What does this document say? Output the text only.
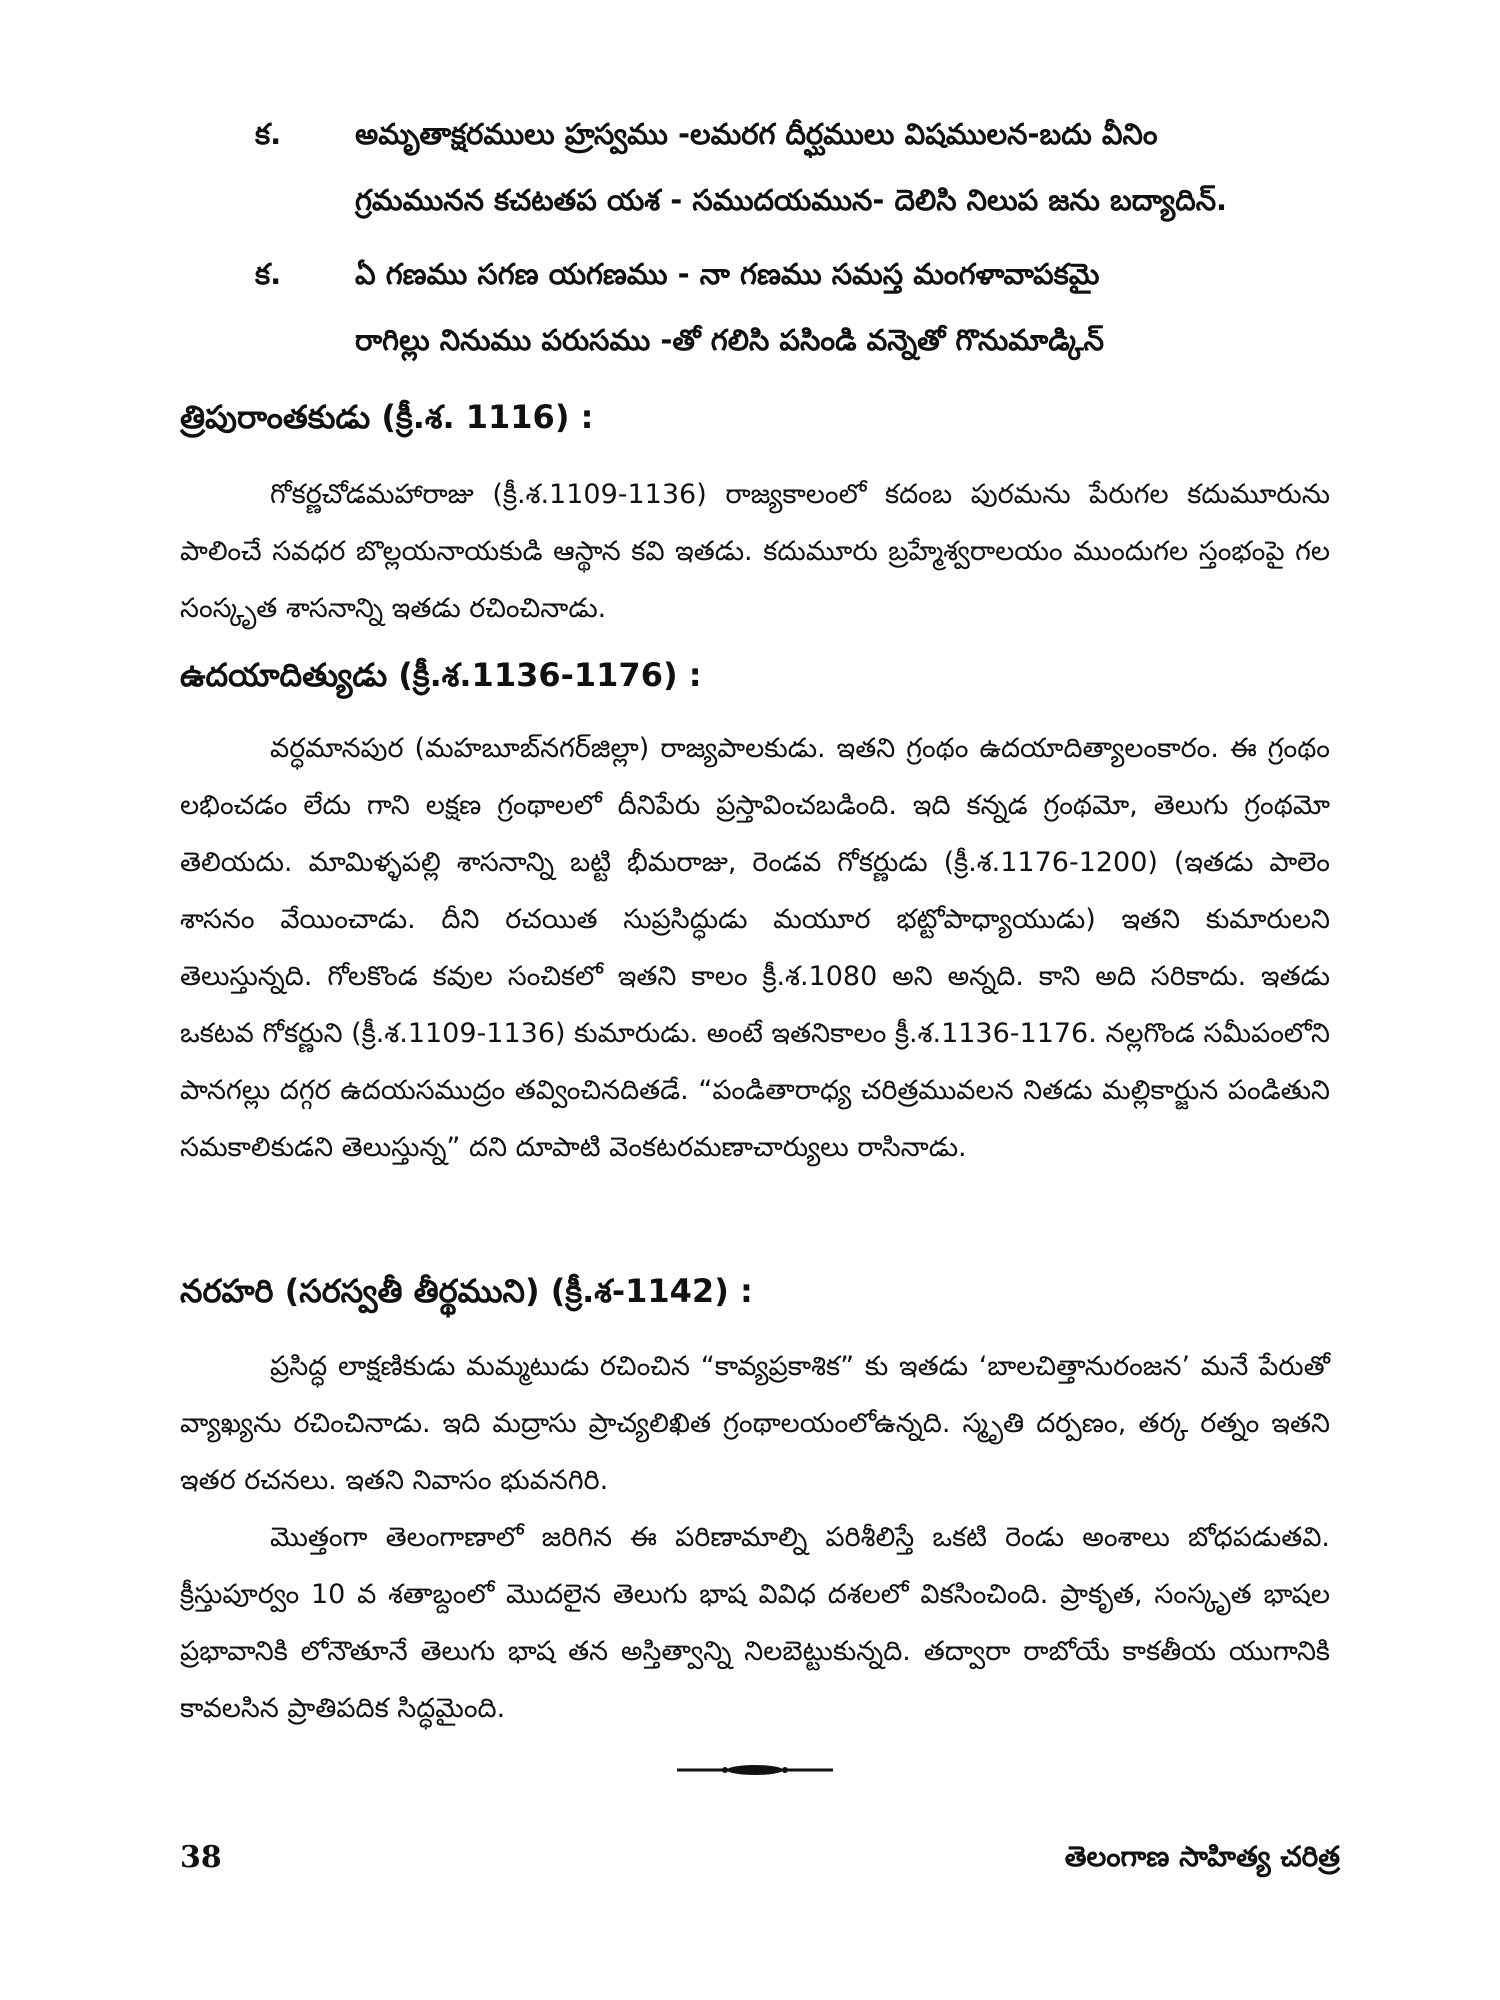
క.	అమృతాక్షరములు హ్రస్వము -లమరగ దీర్ఘములు విషములన-బదు వీనిం
గ్రమమునన కచటతప యశ - సముదయమున- దెలిసి నిలుప జను బద్యాదిన్.
క.	ఏ గణము సగణ యగణము - నా గణము సమస్త మంగళావాపకమై
రాగిల్లు నినుము పరుసము -తో గలిసి పసిండి వన్నెతో గొనుమాడ్కిన్
త్రిపురాంతకుడు (క్రీ.శ. 1116) :

గోకర్ణచోడమహారాజు (క్రీ.శ.1109-1136) రాజ్యకాలంలో కదంబ పురమను పేరుగల కదుమూరును పాలించే సవధర బొల్లయనాయకుడి ఆస్థాన కవి ఇతడు. కదుమూరు బ్రహ్మేశ్వరాలయం ముందుగల స్తంభంపై గల సంస్కృత శాసనాన్ని ఇతడు రచించినాడు.

ఉదయాదిత్యుడు (క్రీ.శ.1136-1176) :

వర్ధమానపుర (మహబూబ్‌నగర్‌జిల్లా) రాజ్యపాలకుడు. ఇతని గ్రంథం ఉదయాదిత్యాలంకారం. ఈ గ్రంథం లభించడం లేదు గాని లక్షణ గ్రంథాలలో దీనిపేరు ప్రస్తావించబడింది. ఇది కన్నడ గ్రంథమో, తెలుగు గ్రంథమో తెలియదు. మామిళ్ళపల్లి శాసనాన్ని బట్టి భీమరాజు, రెండవ గోకర్ణుడు (క్రీ.శ.1176-1200) (ఇతడు పాలెం శాసనం వేయించాడు. దీని రచయిత సుప్రసిద్ధుడు మయూర భట్టోపాధ్యాయుడు) ఇతని కుమారులని తెలుస్తున్నది. గోలకొండ కవుల సంచికలో ఇతని కాలం క్రీ.శ.1080 అని అన్నది. కాని అది సరికాదు. ఇతడు ఒకటవ గోకర్ణుని (క్రీ.శ.1109-1136) కుమారుడు. అంటే ఇతనికాలం క్రీ.శ.1136-1176. నల్లగొండ సమీపంలోని పానగల్లు దగ్గర ఉదయసముద్రం తవ్వించినదితడే. “పండితారాధ్య చరిత్రమువలన నితడు మల్లికార్జున పండితుని సమకాలికుడని తెలుస్తున్న” దని దూపాటి వెంకటరమణాచార్యులు రాసినాడు.

నరహరి (సరస్వతీ తీర్థముని) (క్రీ.శ-1142) :

ప్రసిద్ధ లాక్షణికుడు మమ్మటుడు రచించిన “కావ్యప్రకాశిక” కు ఇతడు ‘బాలచిత్తానురంజన’ మనే పేరుతో వ్యాఖ్యను రచించినాడు. ఇది మద్రాసు ప్రాచ్యలిఖిత గ్రంథాలయంలోఉన్నది. స్మృతి దర్పణం, తర్క రత్నం ఇతని ఇతర రచనలు. ఇతని నివాసం భువనగిరి.

మొత్తంగా తెలంగాణాలో జరిగిన ఈ పరిణామాల్ని పరిశీలిస్తే ఒకటి రెండు అంశాలు బోధపడుతవి. క్రీస్తుపూర్వం 10 వ శతాబ్దంలో మొదలైన తెలుగు భాష వివిధ దశలలో వికసించింది. ప్రాకృత, సంస్కృత భాషల ప్రభావానికి లోనౌతూనే తెలుగు భాష తన అస్తిత్వాన్ని నిలబెట్టుకున్నది. తద్వారా రాబోయే కాకతీయ యుగానికి కావలసిన ప్రాతిపదిక సిద్ధమైంది.

38	తెలంగాణ సాహిత్య చరిత్ర
